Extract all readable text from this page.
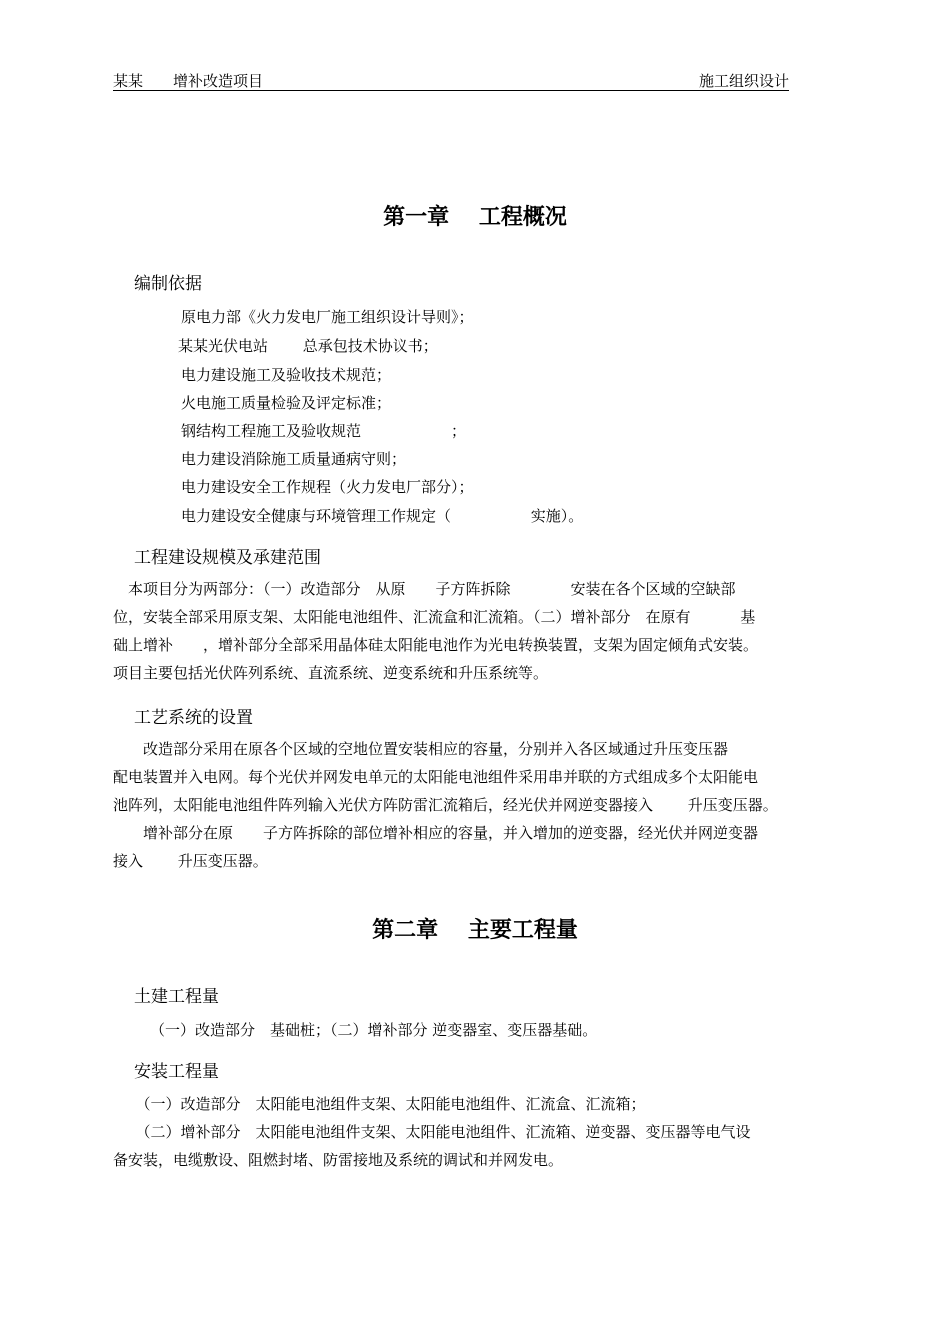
某某　　增补改造项目	施工组织设计
第一章　 工程概况
编制依据
原电力部《火力发电厂施工组织设计导则》；
某某光伏电站　　 总承包技术协议书；
电力建设施工及验收技术规范；
火电施工质量检验及评定标准；
钢结构工程施工及验收规范　　　　　　；
电力建设消除施工质量通病守则；
电力建设安全工作规程（火力发电厂部分）；
电力建设安全健康与环境管理工作规定（　　　　　 实施）。
工程建设规模及承建范围
　本项目分为两部分：（一）改造部分　从原　　子方阵拆除　　　　安装在各个区域的空缺部
位，安装全部采用原支架、太阳能电池组件、汇流盒和汇流箱。（二）增补部分　在原有　　　 基
础上增补　　，增补部分全部采用晶体硅太阳能电池作为光电转换装置，支架为固定倾角式安装。
项目主要包括光伏阵列系统、直流系统、逆变系统和升压系统等。
工艺系统的设置
　　改造部分采用在原各个区域的空地位置安装相应的容量，分别并入各区域通过升压变压器
配电装置并入电网。每个光伏并网发电单元的太阳能电池组件采用串并联的方式组成多个太阳能电
池阵列，太阳能电池组件阵列输入光伏方阵防雷汇流箱后，经光伏并网逆变器接入　　 升压变压器。
　　增补部分在原　　子方阵拆除的部位增补相应的容量，并入增加的逆变器，经光伏并网逆变器
接入　　 升压变压器。
第二章　 主要工程量
土建工程量
（一）改造部分　基础桩；（二）增补部分 逆变器室、变压器基础。
安装工程量
　　（一）改造部分　太阳能电池组件支架、太阳能电池组件、汇流盒、汇流箱；
　　（二）增补部分　太阳能电池组件支架、太阳能电池组件、汇流箱、逆变器、变压器等电气设
备安装，电缆敷设、阻燃封堵、防雷接地及系统的调试和并网发电。
